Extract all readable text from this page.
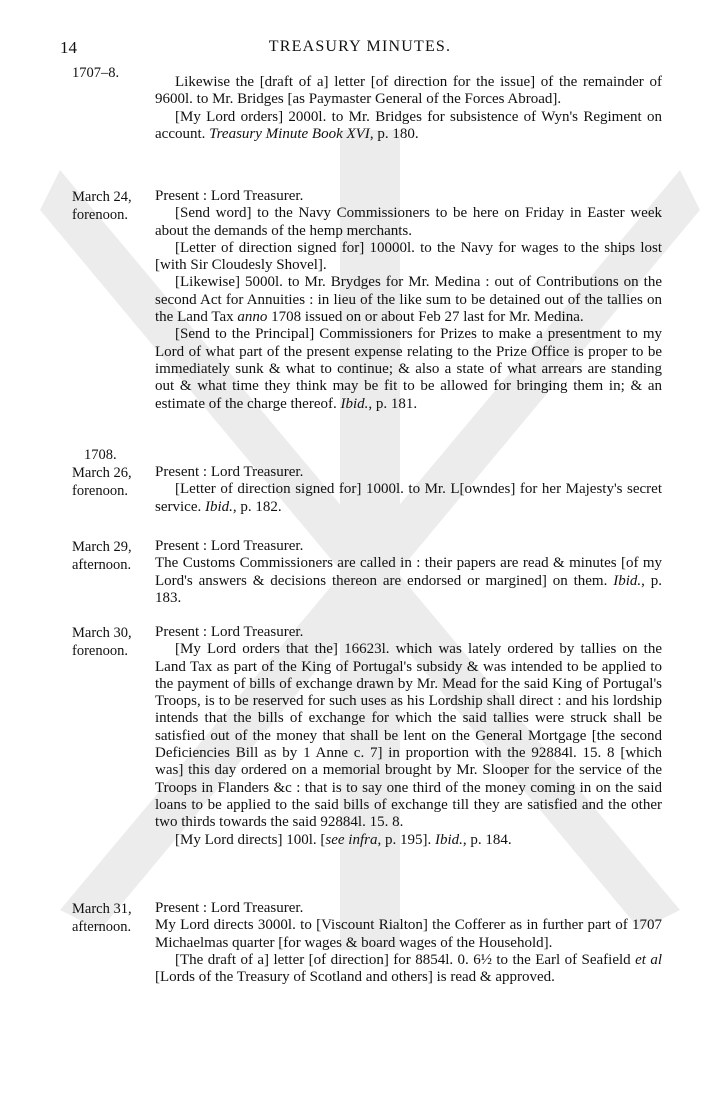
14	TREASURY MINUTES.
1707–8.

Likewise the [draft of a] letter [of direction for the issue] of the remainder of 9600l. to Mr. Bridges [as Paymaster General of the Forces Abroad].

[My Lord orders] 2000l. to Mr. Bridges for subsistence of Wyn's Regiment on account. Treasury Minute Book XVI, p. 180.

March 24,
forenoon.

Present : Lord Treasurer.

[Send word] to the Navy Commissioners to be here on Friday in Easter week about the demands of the hemp merchants.

[Letter of direction signed for] 10000l. to the Navy for wages to the ships lost [with Sir Cloudesly Shovel].

[Likewise] 5000l. to Mr. Brydges for Mr. Medina : out of Contributions on the second Act for Annuities : in lieu of the like sum to be detained out of the tallies on the Land Tax anno 1708 issued on or about Feb 27 last for Mr. Medina.

[Send to the Principal] Commissioners for Prizes to make a presentment to my Lord of what part of the present expense relating to the Prize Office is proper to be immediately sunk & what to continue; & also a state of what arrears are standing out & what time they think may be fit to be allowed for bringing them in; & an estimate of the charge thereof. Ibid., p. 181.

1708.
March 26,
forenoon.

Present : Lord Treasurer.

[Letter of direction signed for] 1000l. to Mr. L[owndes] for her Majesty's secret service. Ibid., p. 182.

March 29,
afternoon.

Present : Lord Treasurer.

The Customs Commissioners are called in : their papers are read & minutes [of my Lord's answers & decisions thereon are endorsed or margined] on them. Ibid., p. 183.

March 30,
forenoon.

Present : Lord Treasurer.

[My Lord orders that the] 16623l. which was lately ordered by tallies on the Land Tax as part of the King of Portugal's subsidy & was intended to be applied to the payment of bills of exchange drawn by Mr. Mead for the said King of Portugal's Troops, is to be reserved for such uses as his Lordship shall direct : and his lordship intends that the bills of exchange for which the said tallies were struck shall be satisfied out of the money that shall be lent on the General Mortgage [the second Deficiencies Bill as by 1 Anne c. 7] in proportion with the 92884l. 15. 8 [which was] this day ordered on a memorial brought by Mr. Slooper for the service of the Troops in Flanders &c : that is to say one third of the money coming in on the said loans to be applied to the said bills of exchange till they are satisfied and the other two thirds towards the said 92884l. 15. 8.

[My Lord directs] 100l. [see infra, p. 195]. Ibid., p. 184.

March 31,
afternoon.

Present : Lord Treasurer.

My Lord directs 3000l. to [Viscount Rialton] the Cofferer as in further part of 1707 Michaelmas quarter [for wages & board wages of the Household].

[The draft of a] letter [of direction] for 8854l. 0. 6½ to the Earl of Seafield et al [Lords of the Treasury of Scotland and others] is read & approved.
